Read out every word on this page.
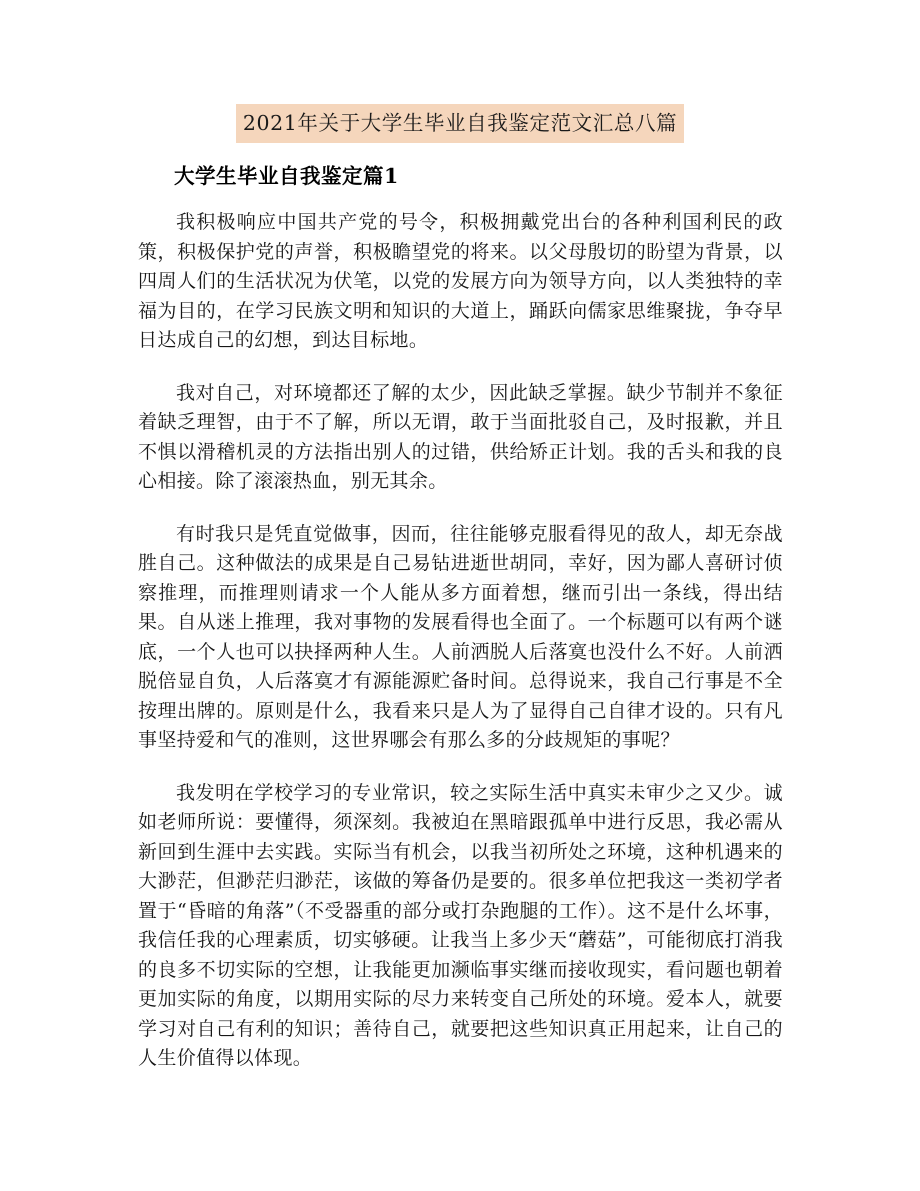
2021年关于大学生毕业自我鉴定范文汇总八篇
大学生毕业自我鉴定篇1

我积极响应中国共产党的号令，积极拥戴党出台的各种利国利民的政策，积极保护党的声誉，积极瞻望党的将来。以父母殷切的盼望为背景，以四周人们的生活状况为伏笔，以党的发展方向为领导方向，以人类独特的幸福为目的，在学习民族文明和知识的大道上，踊跃向儒家思维聚拢，争夺早日达成自己的幻想，到达目标地。

我对自己，对环境都还了解的太少，因此缺乏掌握。缺少节制并不象征着缺乏理智，由于不了解，所以无谓，敢于当面批驳自己，及时报歉，并且不惧以滑稽机灵的方法指出别人的过错，供给矫正计划。我的舌头和我的良心相接。除了滚滚热血，别无其余。

有时我只是凭直觉做事，因而，往往能够克服看得见的敌人，却无奈战胜自己。这种做法的成果是自己易钻进逝世胡同，幸好，因为鄙人喜研讨侦察推理，而推理则请求一个人能从多方面着想，继而引出一条线，得出结果。自从迷上推理，我对事物的发展看得也全面了。一个标题可以有两个谜底，一个人也可以抉择两种人生。人前洒脱人后落寞也没什么不好。人前洒脱倍显自负，人后落寞才有源能源贮备时间。总得说来，我自己行事是不全按理出牌的。原则是什么，我看来只是人为了显得自己自律才设的。只有凡事坚持爱和气的准则，这世界哪会有那么多的分歧规矩的事呢？

我发明在学校学习的专业常识，较之实际生活中真实未审少之又少。诚如老师所说：要懂得，须深刻。我被迫在黑暗跟孤单中进行反思，我必需从新回到生涯中去实践。实际当有机会，以我当初所处之环境，这种机遇来的大渺茫，但渺茫归渺茫，该做的筹备仍是要的。很多单位把我这一类初学者置于“昏暗的角落”（不受器重的部分或打杂跑腿的工作）。这不是什么坏事，我信任我的心理素质，切实够硬。让我当上多少天“蘑菇”，可能彻底打消我的良多不切实际的空想，让我能更加濒临事实继而接收现实，看问题也朝着更加实际的角度，以期用实际的尽力来转变自己所处的环境。爱本人，就要学习对自己有利的知识；善待自己，就要把这些知识真正用起来，让自己的人生价值得以体现。
